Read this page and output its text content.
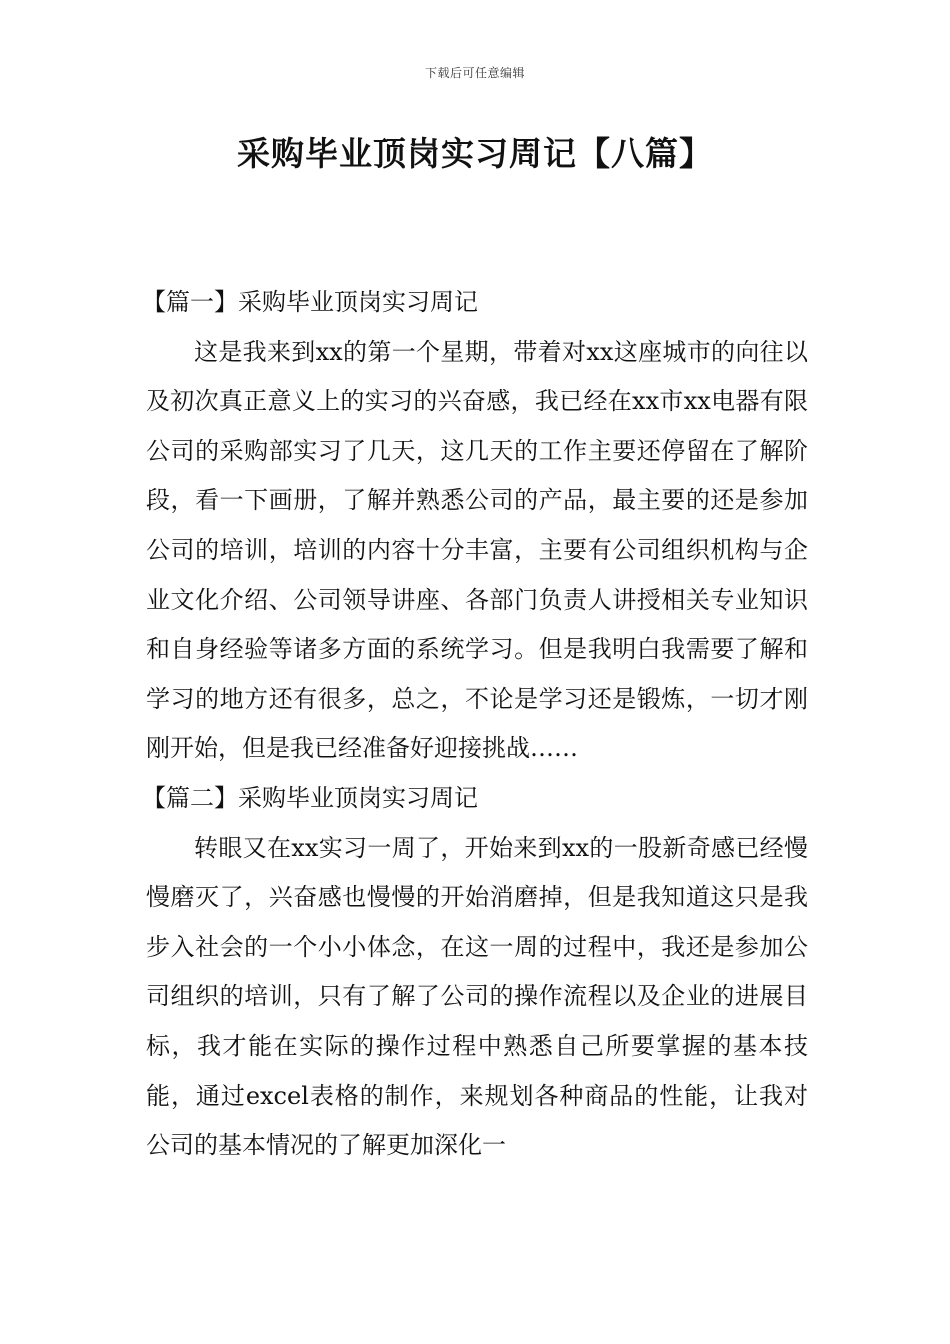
下载后可任意编辑
采购毕业顶岗实习周记【八篇】
【篇一】采购毕业顶岗实习周记

这是我来到xx的第一个星期，带着对xx这座城市的向往以及初次真正意义上的实习的兴奋感，我已经在xx市xx电器有限公司的采购部实习了几天，这几天的工作主要还停留在了解阶段，看一下画册，了解并熟悉公司的产品，最主要的还是参加公司的培训，培训的内容十分丰富，主要有公司组织机构与企业文化介绍、公司领导讲座、各部门负责人讲授相关专业知识和自身经验等诸多方面的系统学习。但是我明白我需要了解和学习的地方还有很多，总之，不论是学习还是锻炼，一切才刚刚开始，但是我已经准备好迎接挑战……

【篇二】采购毕业顶岗实习周记

转眼又在xx实习一周了，开始来到xx的一股新奇感已经慢慢磨灭了，兴奋感也慢慢的开始消磨掉，但是我知道这只是我步入社会的一个小小体念，在这一周的过程中，我还是参加公司组织的培训，只有了解了公司的操作流程以及企业的进展目标，我才能在实际的操作过程中熟悉自己所要掌握的基本技能，通过excel表格的制作，来规划各种商品的性能，让我对公司的基本情况的了解更加深化一
